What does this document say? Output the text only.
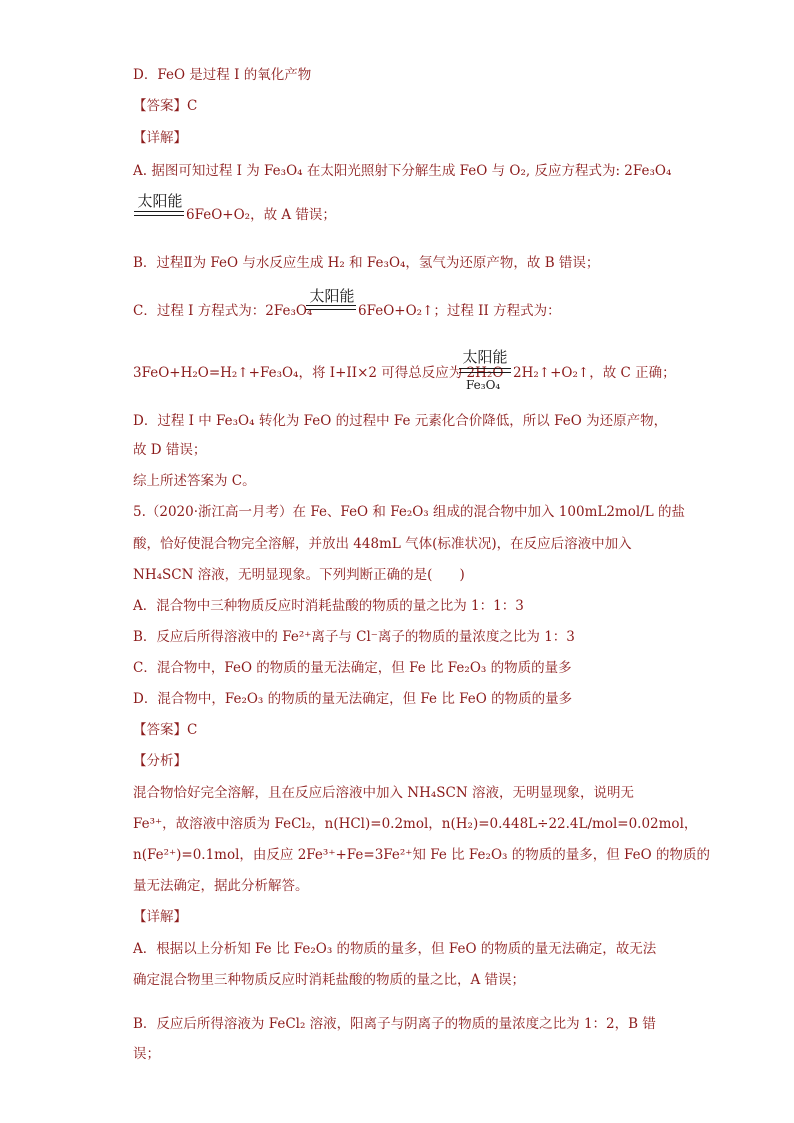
D．FeO 是过程 I 的氧化产物
【答案】C
【详解】
A. 据图可知过程 I 为 Fe₃O₄ 在太阳光照射下分解生成 FeO 与 O₂, 反应方程式为: 2Fe₃O₄
太阳能
6FeO+O₂，故 A 错误；
B．过程Ⅱ为 FeO 与水反应生成 H₂ 和 Fe₃O₄，氢气为还原产物，故 B 错误；
C．过程 I 方程式为：2Fe₃O₄
太阳能
6FeO+O₂↑；过程 II 方程式为：
3FeO+H₂O=H₂↑+Fe₃O₄，将 I+II×2 可得总反应为 2H₂O
太阳能
Fe₃O₄
2H₂↑+O₂↑，故 C 正确；
D．过程 I 中 Fe₃O₄ 转化为 FeO 的过程中 Fe 元素化合价降低，所以 FeO 为还原产物，
故 D 错误；
综上所述答案为 C。
5.（2020·浙江高一月考）在 Fe、FeO 和 Fe₂O₃ 组成的混合物中加入 100mL2mol/L 的盐
酸，恰好使混合物完全溶解，并放出 448mL 气体(标准状况)，在反应后溶液中加入
NH₄SCN 溶液，无明显现象。下列判断正确的是(　　)
A．混合物中三种物质反应时消耗盐酸的物质的量之比为 1：1：3
B．反应后所得溶液中的 Fe²⁺离子与 Cl⁻离子的物质的量浓度之比为 1：3
C．混合物中，FeO 的物质的量无法确定，但 Fe 比 Fe₂O₃ 的物质的量多
D．混合物中，Fe₂O₃ 的物质的量无法确定，但 Fe 比 FeO 的物质的量多
【答案】C
【分析】
混合物恰好完全溶解，且在反应后溶液中加入 NH₄SCN 溶液，无明显现象，说明无
Fe³⁺，故溶液中溶质为 FeCl₂，n(HCl)=0.2mol，n(H₂)=0.448L÷22.4L/mol=0.02mol，
n(Fe²⁺)=0.1mol，由反应 2Fe³⁺+Fe=3Fe²⁺知 Fe 比 Fe₂O₃ 的物质的量多，但 FeO 的物质的
量无法确定，据此分析解答。
【详解】
A．根据以上分析知 Fe 比 Fe₂O₃ 的物质的量多，但 FeO 的物质的量无法确定，故无法
确定混合物里三种物质反应时消耗盐酸的物质的量之比，A 错误；
B．反应后所得溶液为 FeCl₂ 溶液，阳离子与阴离子的物质的量浓度之比为 1：2，B 错
误；
